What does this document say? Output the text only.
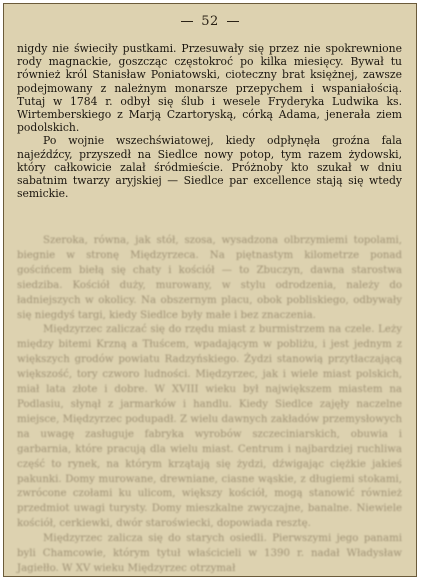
52

nigdy nie świeciły pustkami. Przesuwały się przez nie spokrewnione rody magnackie, goszcząc częstokroć po kilka miesięcy. Bywał tu również król Stanisław Poniatowski, cioteczny brat księżnej, zawsze podejmowany z należnym monarsze przepychem i wspaniałością. Tutaj w 1784 r. odbył się ślub i wesele Fryderyka Ludwika ks. Wirtemberskiego z Marją Czartoryską, córką Adama, jenerała ziem podolskich.

Po wojnie wszechświatowej, kiedy odpłynęła groźna fala najeźdźcy, przyszedł na Siedlce nowy potop, tym razem żydowski, który całkowicie zalał śródmieście. Próżnoby kto szukał w dniu sabatnim twarzy aryjskiej — Siedlce par excellence stają się wtedy semickie.

Szeroka, równa, jak stół, szosa, wysadzona olbrzymiemi topolami, biegnie w stronę Międzyrzeca. Na piętnastym kilometrze ponad gościńcem biełą się chaty i kościół — to Zbuczyn, dawna starostwa siedziba. Kościół duży, murowany, w stylu odrodzenia, należy do ładniejszych w okolicy. Na obszernym placu, obok pobliskiego, odbywały się niegdyś targi, kiedy Siedlce były małe i bez znaczenia.

Międzyrzec zaliczać się do rzędu miast z burmistrzem na czele. Leży między bitemi Krzną a Tłuścem, wpadającym w pobliżu, i jest jednym z większych grodów powiatu Radzyńskiego. Żydzi stanowią przytłaczającą większość, tory czworo ludności. Międzyrzec, jak i wiele miast polskich, miał lata złote i dobre. W XVIII wieku był największem miastem na Podlasiu, słynął z jarmarków i handlu. Kiedy Siedlce zajęły naczelne miejsce, Międzyrzec podupadł. Z wielu dawnych zakładów przemysłowych na uwagę zasługuje fabryka wyrobów szczeciniarskich, obuwia i garbarnia, które pracują dla wielu miast. Centrum i najbardziej ruchliwa część to rynek, na którym krzątają się żydzi, dźwigając ciężkie jakieś pakunki. Domy murowane, drewniane, ciasne wąskie, z długiemi stokami, zwrócone czołami ku ulicom, większy kościół, mogą stanowić również przedmiot uwagi turysty. Domy mieszkalne zwyczajne, banalne. Niewiele kościół, cerkiewki, dwór staroświecki, dopowiada resztę.

Międzyrzec zalicza się do starych osiedli. Pierwszymi jego panami byli Chamcowie, którym tytuł właścicieli w 1390 r. nadał Władysław Jagiełło. W XV wieku Międzyrzec otrzymał
